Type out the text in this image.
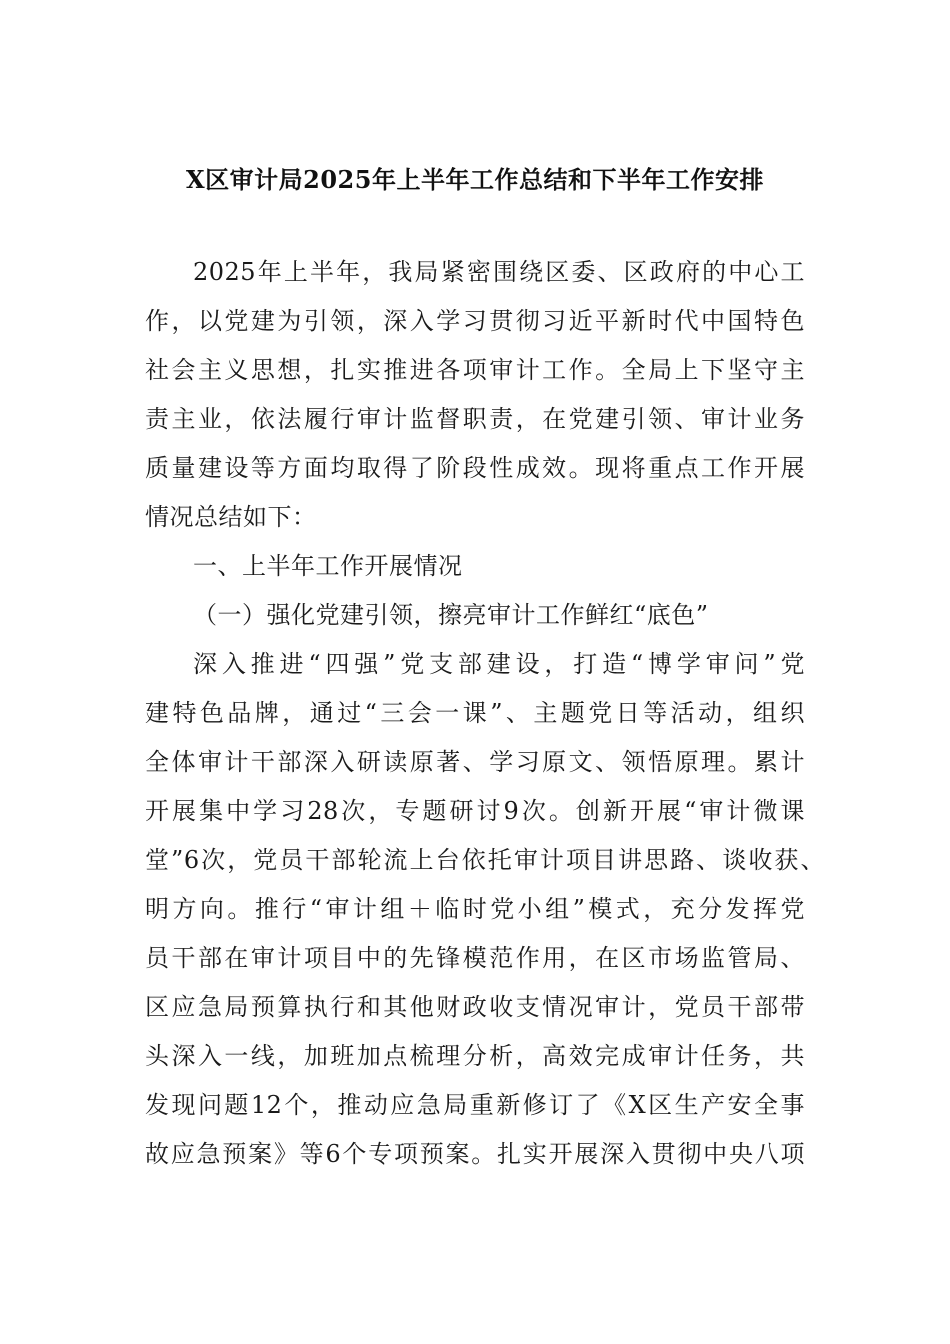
X区审计局2025年上半年工作总结和下半年工作安排
2025年上半年，我局紧密围绕区委、区政府的中心工
作，以党建为引领，深入学习贯彻习近平新时代中国特色
社会主义思想，扎实推进各项审计工作。全局上下坚守主
责主业，依法履行审计监督职责，在党建引领、审计业务
质量建设等方面均取得了阶段性成效。现将重点工作开展
情况总结如下：
一、上半年工作开展情况
（一）强化党建引领，擦亮审计工作鲜红“底色”
深入推进“四强”党支部建设，打造“博学审问”党
建特色品牌，通过“三会一课”、主题党日等活动，组织
全体审计干部深入研读原著、学习原文、领悟原理。累计
开展集中学习28次，专题研讨9次。创新开展“审计微课
堂”6次，党员干部轮流上台依托审计项目讲思路、谈收获、
明方向。推行“审计组＋临时党小组”模式，充分发挥党
员干部在审计项目中的先锋模范作用，在区市场监管局、
区应急局预算执行和其他财政收支情况审计，党员干部带
头深入一线，加班加点梳理分析，高效完成审计任务，共
发现问题12个，推动应急局重新修订了《X区生产安全事
故应急预案》等6个专项预案。扎实开展深入贯彻中央八项
